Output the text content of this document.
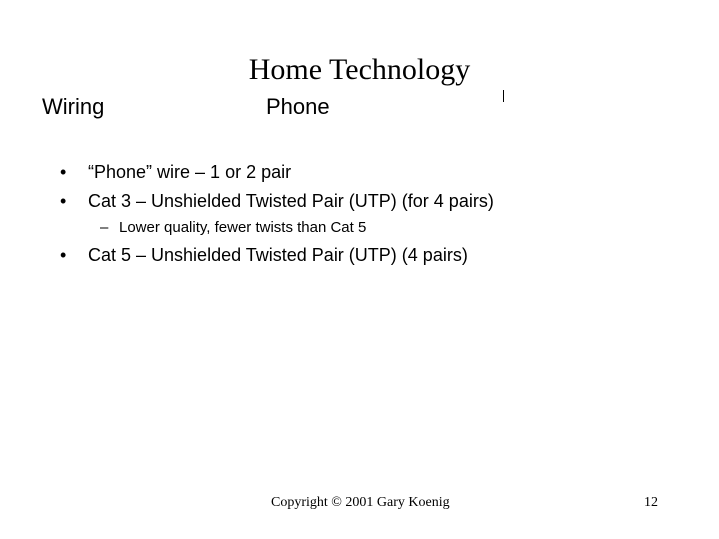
Home Technology
Wiring	Phone
• “Phone” wire – 1 or 2 pair
• Cat 3 – Unshielded Twisted Pair (UTP) (for 4 pairs)
– Lower quality, fewer twists than Cat 5
• Cat 5 – Unshielded Twisted Pair (UTP) (4 pairs)
Copyright © 2001 Gary Koenig	12
